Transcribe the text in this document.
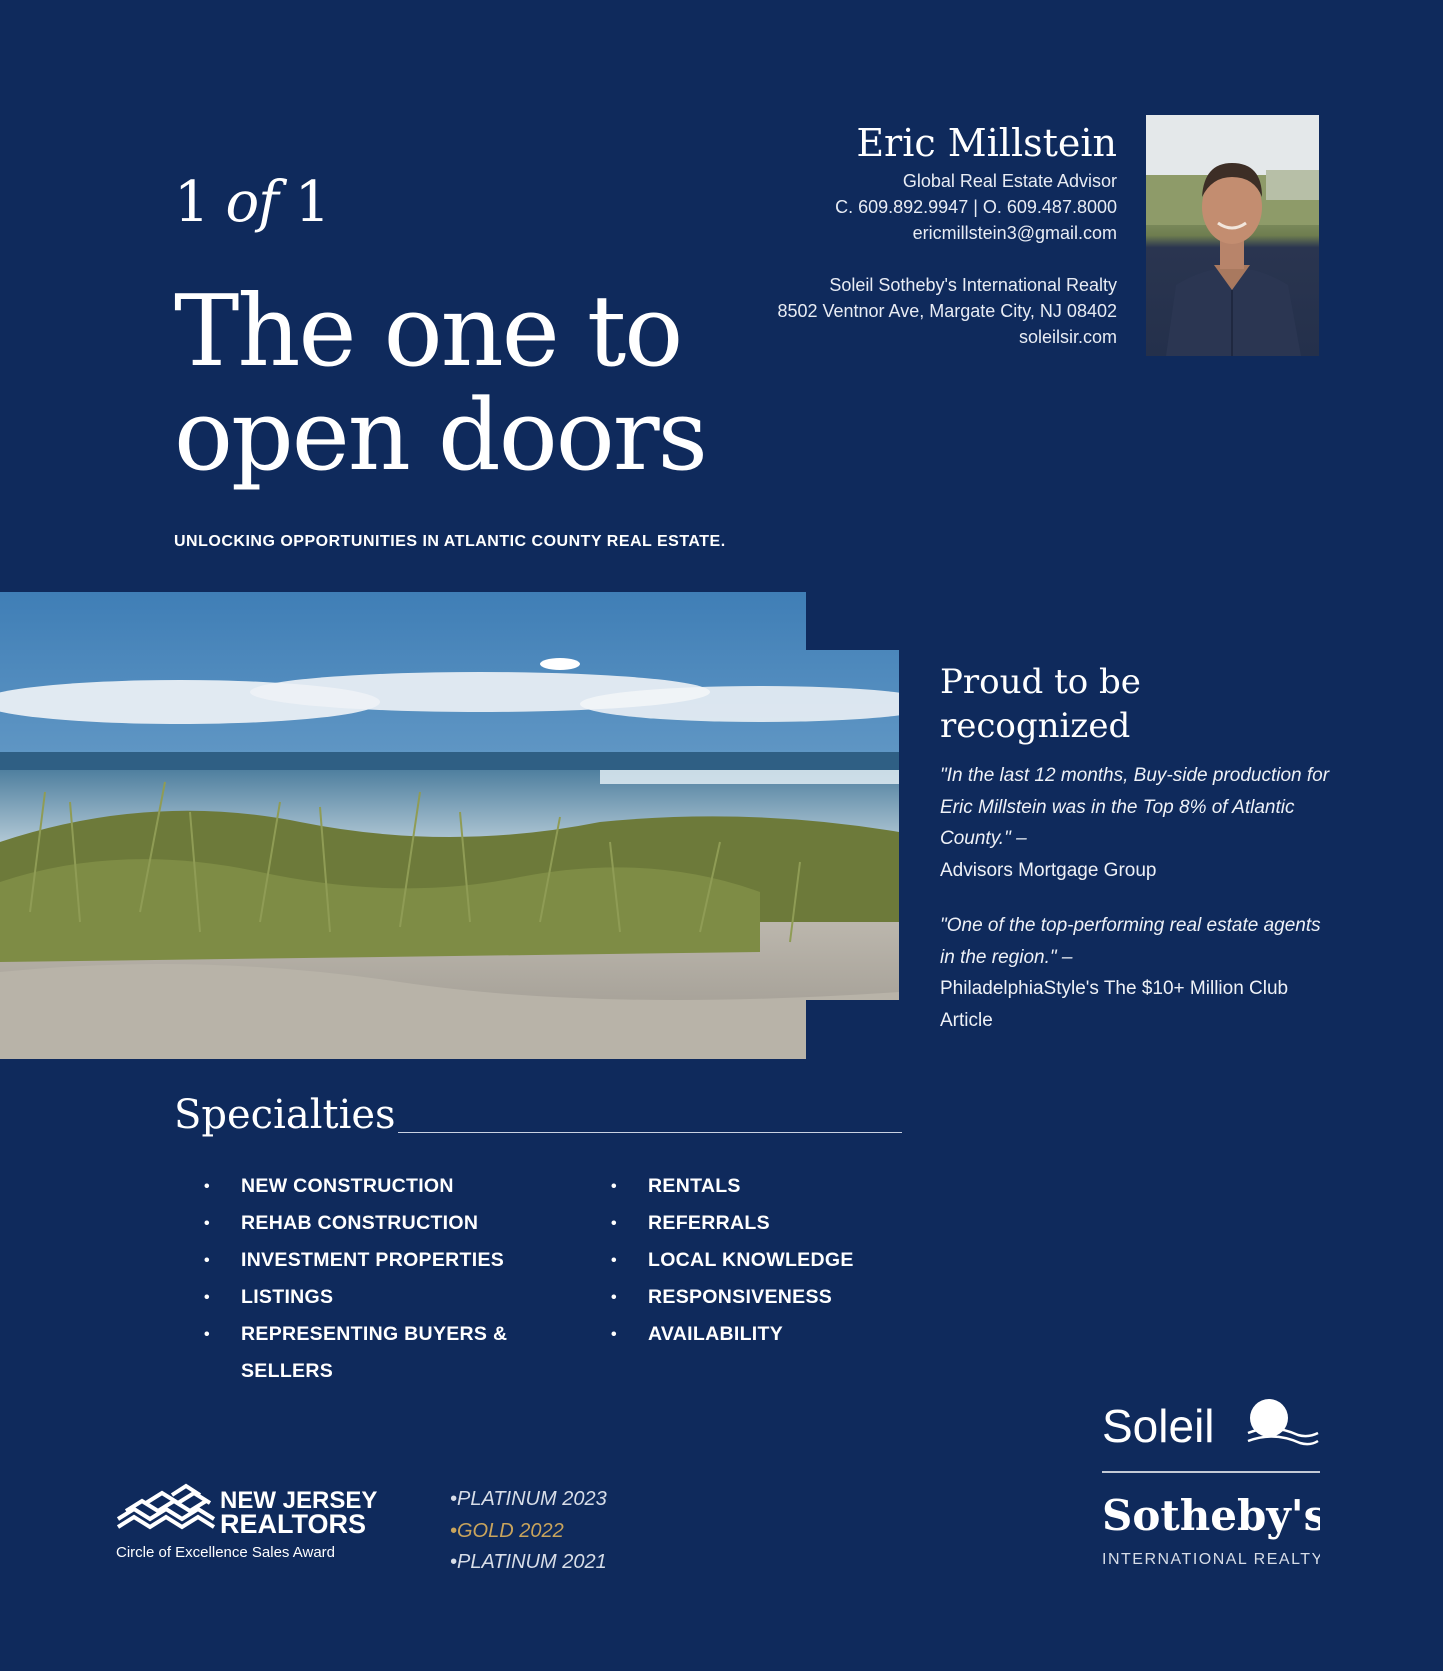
1 of 1
The one to
open doors
UNLOCKING OPPORTUNITIES IN ATLANTIC COUNTY REAL ESTATE.
Eric Millstein
Global Real Estate Advisor
C. 609.892.9947 | O. 609.487.8000
ericmillstein3@gmail.com
Soleil Sotheby's International Realty
8502 Ventnor Ave, Margate City, NJ 08402
soleilsir.com
Proud to be recognized
"In the last 12 months, Buy-side production for Eric Millstein was in the Top 8% of Atlantic County." –
Advisors Mortgage Group
"One of the top-performing real estate agents in the region." –
PhiladelphiaStyle's The $10+ Million Club Article
Specialties
• NEW CONSTRUCTION
• REHAB CONSTRUCTION
• INVESTMENT PROPERTIES
• LISTINGS
• REPRESENTING BUYERS & SELLERS
• RENTALS
• REFERRALS
• LOCAL KNOWLEDGE
• RESPONSIVENESS
• AVAILABILITY
NEW JERSEY
REALTORS
Circle of Excellence Sales Award
•PLATINUM 2023
•GOLD 2022
•PLATINUM 2021
Soleil
Sotheby's
INTERNATIONAL REALTY
